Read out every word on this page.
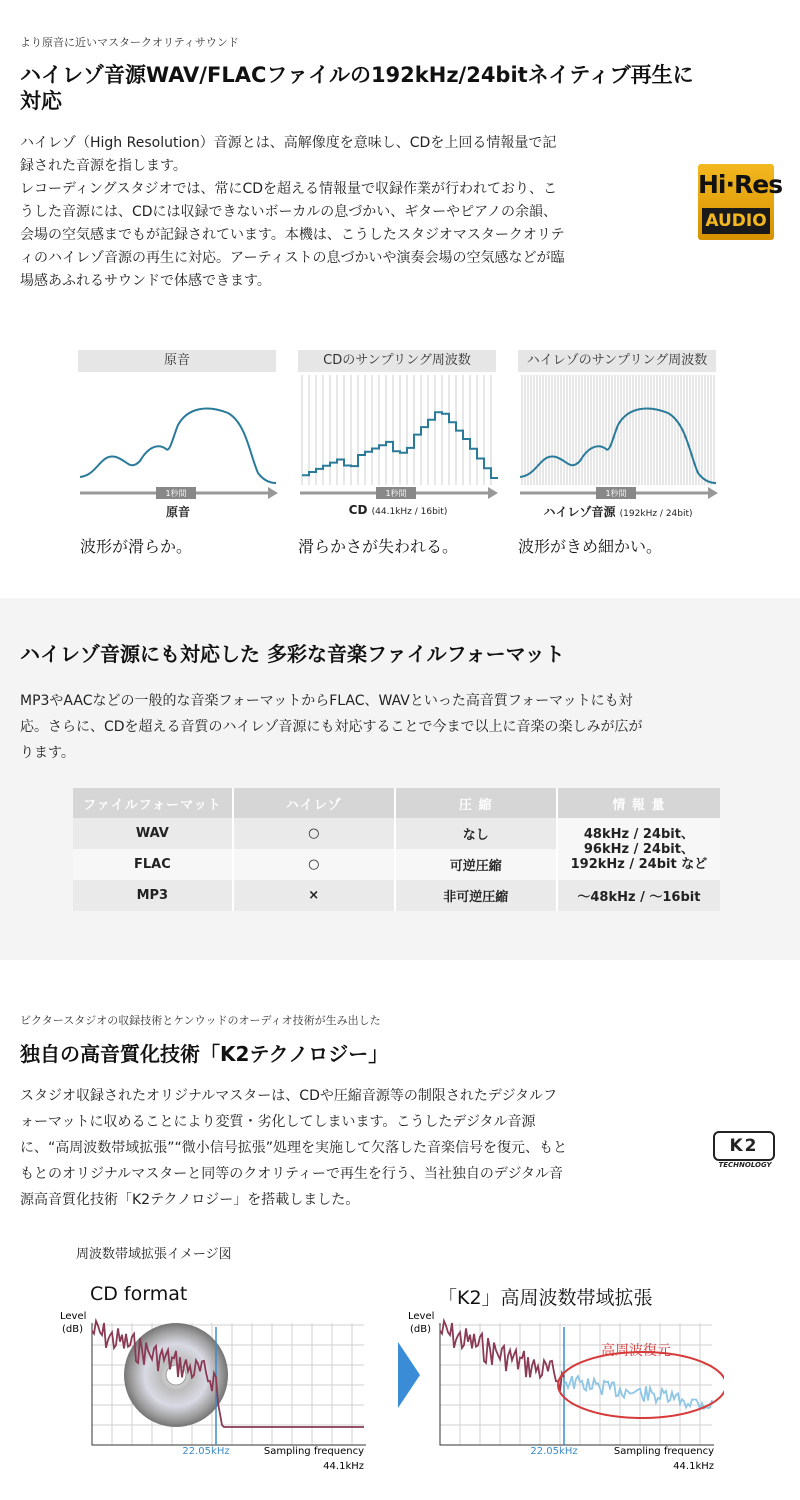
より原音に近いマスタークオリティサウンド
ハイレゾ音源WAV/FLACファイルの192kHz/24bitネイティブ再生に
対応
ハイレゾ（High Resolution）音源とは、高解像度を意味し、CDを上回る情報量で記
録された音源を指します。
レコーディングスタジオでは、常にCDを超える情報量で収録作業が行われており、こ
うした音源には、CDには収録できないボーカルの息づかい、ギターやピアノの余韻、
会場の空気感までもが記録されています。本機は、こうしたスタジオマスタークオリテ
ィのハイレゾ音源の再生に対応。アーティストの息づかいや演奏会場の空気感などが臨
場感あふれるサウンドで体感できます。
Hi·Res
AUDIO
原音	CDのサンプリング周波数	ハイレゾのサンプリング周波数
1秒間	1秒間	1秒間
原音	CD (44.1kHz / 16bit)	ハイレゾ音源 (192kHz / 24bit)
波形が滑らか。	滑らかさが失われる。	波形がきめ細かい。
ハイレゾ音源にも対応した 多彩な音楽ファイルフォーマット
MP3やAACなどの一般的な音楽フォーマットからFLAC、WAVといった高音質フォーマットにも対
応。さらに、CDを超える音質のハイレゾ音源にも対応することで今まで以上に音楽の楽しみが広が
ります。
ファイルフォーマット	ハイレゾ	圧 縮	情 報 量
WAV	○	なし	48kHz / 24bit、
96kHz / 24bit、
192kHz / 24bit など

FLAC	○	可逆圧縮	
MP3	×	非可逆圧縮	～48kHz / ～16bit
ビクタースタジオの収録技術とケンウッドのオーディオ技術が生み出した
独自の高音質化技術「K2テクノロジー」
スタジオ収録されたオリジナルマスターは、CDや圧縮音源等の制限されたデジタルフ
ォーマットに収めることにより変質・劣化してしまいます。こうしたデジタル音源
に、“高周波数帯域拡張”“微小信号拡張”処理を実施して欠落した音楽信号を復元、もと
もとのオリジナルマスターと同等のクオリティーで再生を行う、当社独自のデジタル音
源高音質化技術「K2テクノロジー」を搭載しました。
K2
TECHNOLOGY
周波数帯域拡張イメージ図
CD format	「K2」高周波数帯域拡張
Level
(dB)
22.05kHz	Sampling frequency
44.1kHz
Level
(dB)
高周波復元
22.05kHz	Sampling frequency
44.1kHz
